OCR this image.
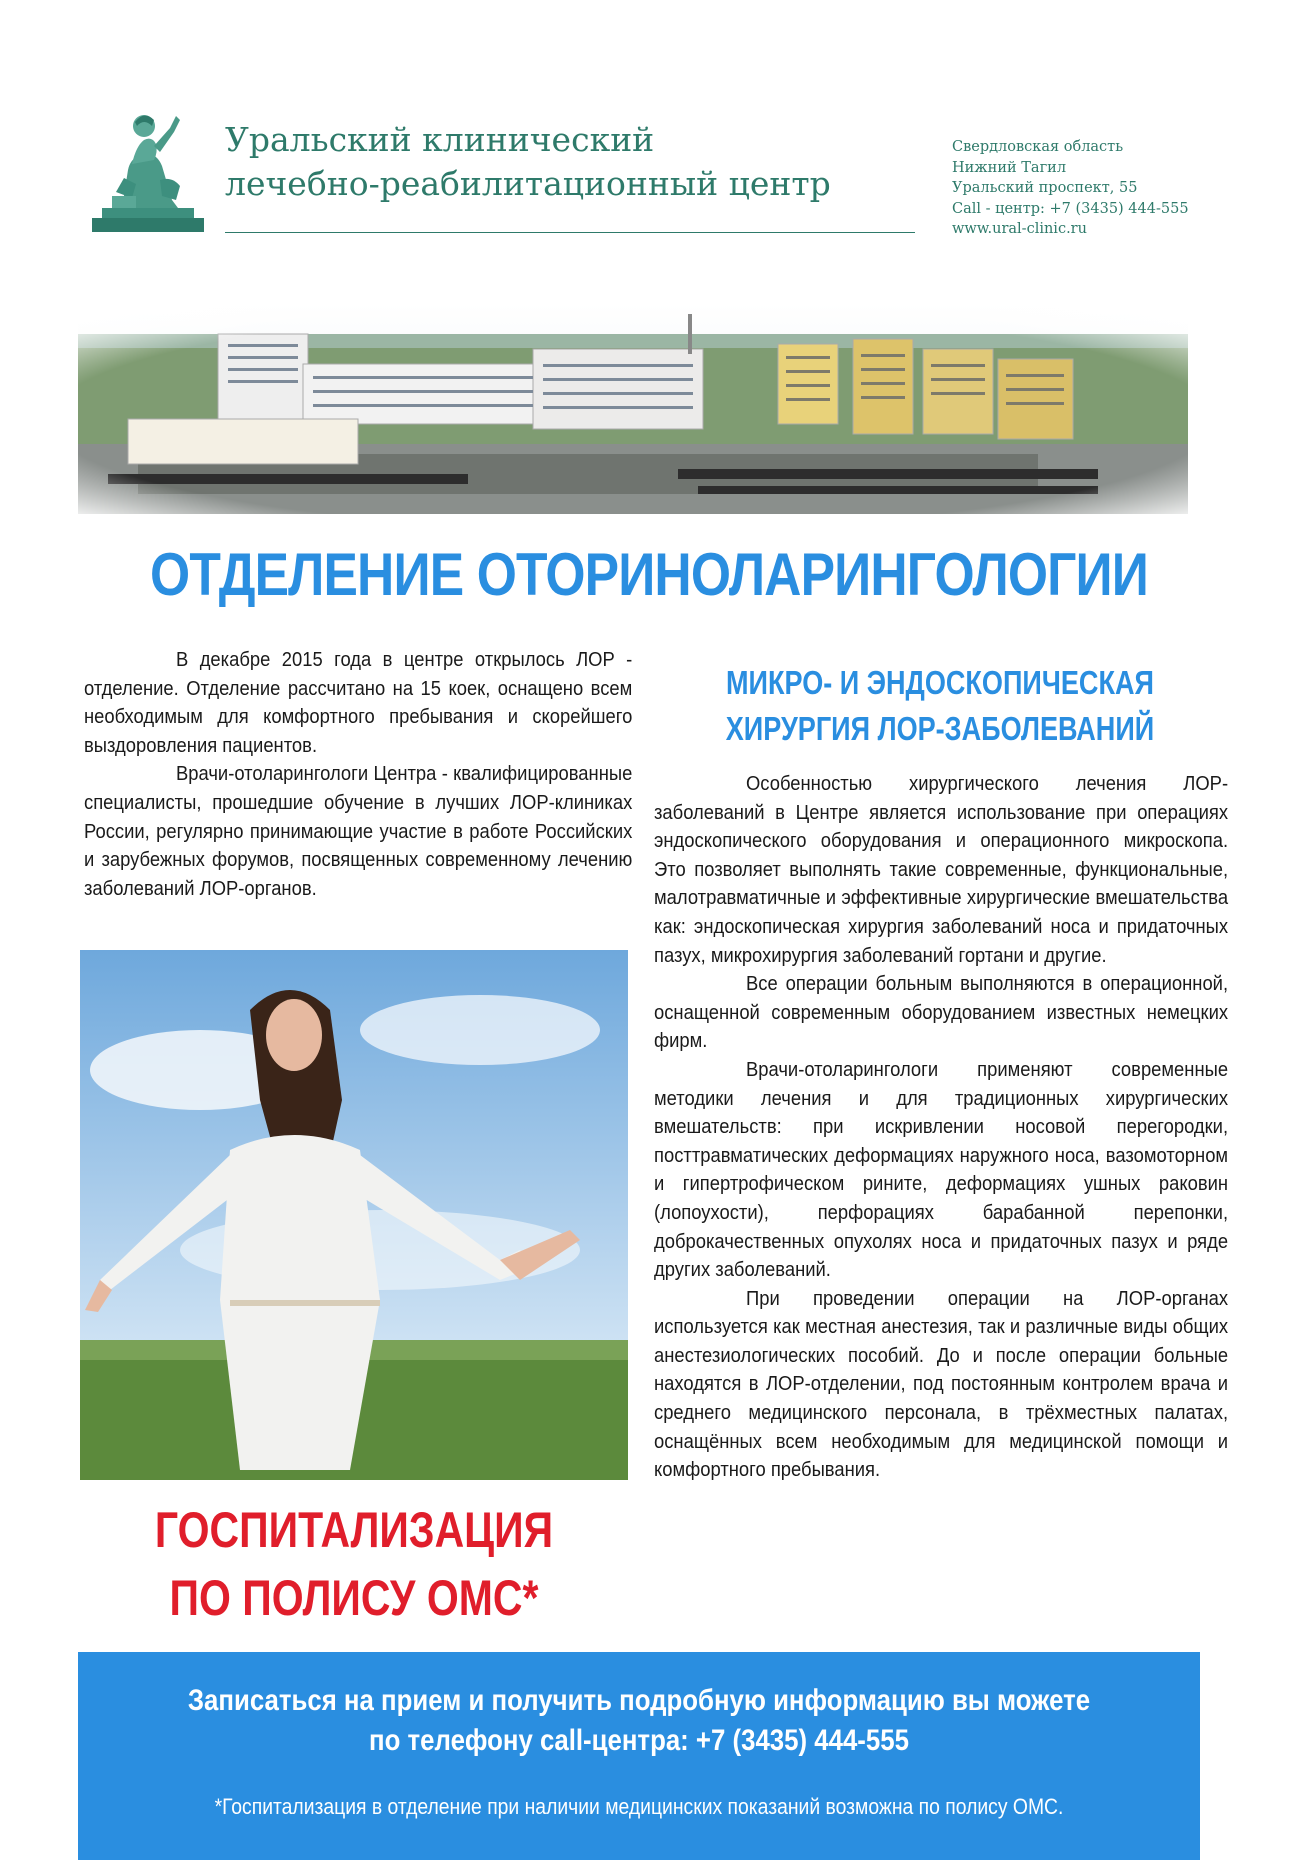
Уральский клинический
лечебно-реабилитационный центр
Свердловская область
Нижний Тагил
Уральский проспект, 55
Call - центр: +7 (3435) 444-555
www.ural-clinic.ru
ОТДЕЛЕНИЕ ОТОРИНОЛАРИНГОЛОГИИ

В декабре 2015 года в центре открылось ЛОР - отделение. Отделение рассчитано на 15 коек, оснащено всем необходимым для комфортного пребывания и скорейшего выздоровления пациентов.

Врачи-отоларингологи Центра - квалифицированные специалисты, прошедшие обучение в лучших ЛОР-клиниках России, регулярно принимающие участие в работе Российских и зарубежных форумов, посвященных современному лечению заболеваний ЛОР-органов.

ГОСПИТАЛИЗАЦИЯ
ПО ПОЛИСУ ОМС*
МИКРО- И ЭНДОСКОПИЧЕСКАЯ
ХИРУРГИЯ ЛОР-ЗАБОЛЕВАНИЙ

Особенностью хирургического лечения ЛОР-заболеваний в Центре является использование при операциях эндоскопического оборудования и операционного микроскопа. Это позволяет выполнять такие современные, функциональные, малотравматичные и эффективные хирургические вмешательства как: эндоскопическая хирургия заболеваний носа и придаточных пазух, микрохирургия заболеваний гортани и другие.

Все операции больным выполняются в операционной, оснащенной современным оборудованием известных немецких фирм.

Врачи-отоларингологи применяют современные методики лечения и для традиционных хирургических вмешательств: при искривлении носовой перегородки, посттравматических деформациях наружного носа, вазомоторном и гипертрофическом рините, деформациях ушных раковин (лопоухости), перфорациях барабанной перепонки, доброкачественных опухолях носа и придаточных пазух и ряде других заболеваний.

При проведении операции на ЛОР-органах используется как местная анестезия, так и различные виды общих анестезиологических пособий. До и после операции больные находятся в ЛОР-отделении, под постоянным контролем врача и среднего медицинского персонала, в трёхместных палатах, оснащённых всем необходимым для медицинской помощи и комфортного пребывания.

Записаться на прием и получить подробную информацию вы можете
по телефону call-центра: +7 (3435) 444-555
*Госпитализация в отделение при наличии медицинских показаний возможна по полису ОМС.
